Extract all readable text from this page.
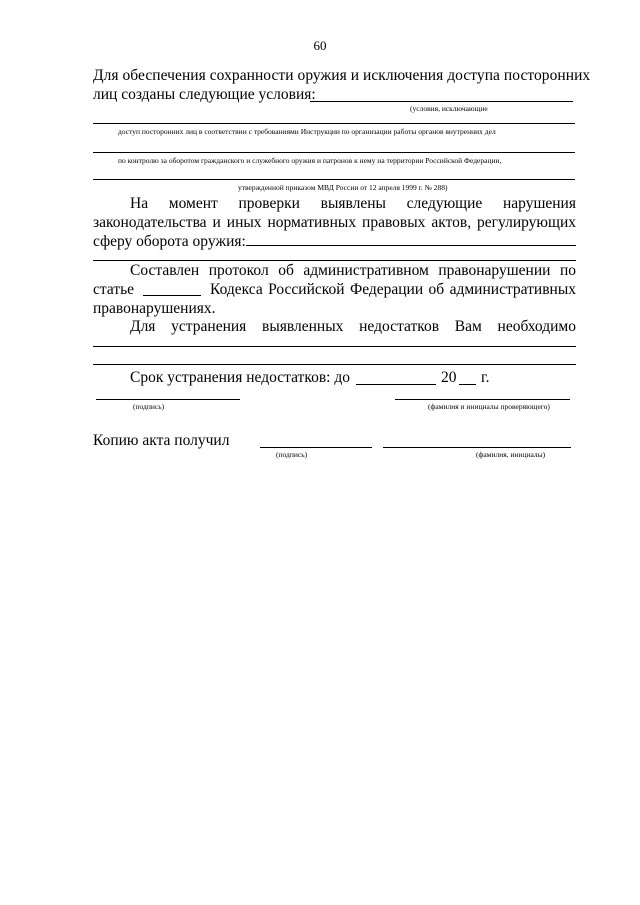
60
Для обеспечения сохранности оружия и исключения доступа посторонних
лиц созданы следующие условия:
(условия, исключающие
доступ посторонних лиц в соответствии с требованиями Инструкции по организации работы органов внутренних дел
по контролю за оборотом гражданского и служебного оружия и патронов к нему на территории Российской Федерации,
утвержденной приказом МВД России от 12 апреля 1999 г. № 288)
На момент проверки выявлены следующие нарушения
законодательства и иных нормативных правовых актов, регулирующих
сферу оборота оружия:
Составлен протокол об административном правонарушении по
статье	Кодекса Российской Федерации об административных
правонарушениях.
Для устранения выявленных недостатков Вам необходимо
Срок устранения недостатков: до	20 г.
(подпись)	(фамилия и инициалы проверяющего)
Копию акта получил
(подпись)	(фамилия, инициалы)
